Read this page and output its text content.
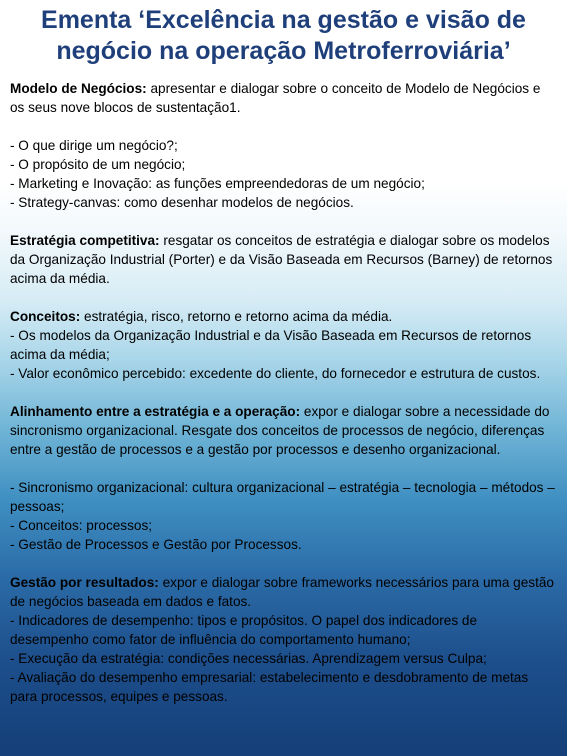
Ementa ‘Excelência na gestão e visão de negócio na operação Metroferroviária’

Modelo de Negócios: apresentar e dialogar sobre o conceito de Modelo de Negócios e os seus nove blocos de sustentação1.

- O que dirige um negócio?;

- O propósito de um negócio;

- Marketing e Inovação: as funções empreendedoras de um negócio;

- Strategy-canvas: como desenhar modelos de negócios.

Estratégia competitiva: resgatar os conceitos de estratégia e dialogar sobre os modelos da Organização Industrial (Porter) e da Visão Baseada em Recursos (Barney) de retornos acima da média.

Conceitos: estratégia, risco, retorno e retorno acima da média.

- Os modelos da Organização Industrial e da Visão Baseada em Recursos de retornos acima da média;

- Valor econômico percebido: excedente do cliente, do fornecedor e estrutura de custos.

Alinhamento entre a estratégia e a operação: expor e dialogar sobre a necessidade do sincronismo organizacional. Resgate dos conceitos de processos de negócio, diferenças entre a gestão de processos e a gestão por processos e desenho organizacional.

- Sincronismo organizacional: cultura organizacional – estratégia – tecnologia – métodos – pessoas;

- Conceitos: processos;

- Gestão de Processos e Gestão por Processos.

Gestão por resultados: expor e dialogar sobre frameworks necessários para uma gestão de negócios baseada em dados e fatos.

- Indicadores de desempenho: tipos e propósitos. O papel dos indicadores de desempenho como fator de influência do comportamento humano;

- Execução da estratégia: condições necessárias. Aprendizagem versus Culpa;

- Avaliação do desempenho empresarial: estabelecimento e desdobramento de metas para processos, equipes e pessoas.
